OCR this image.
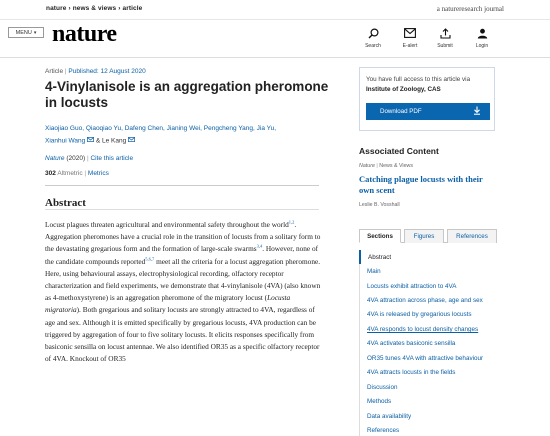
nature › news & views › article	a natureresearch journal
MENU ▾ nature	Search	E-alert	Submit	Login
Article | Published: 12 August 2020
4-Vinylanisole is an aggregation pheromone in locusts
Xiaojiao Guo, Qiaoqiao Yu, Dafeng Chen, Jianing Wei, Pengcheng Yang, Jia Yu,
Xianhui Wang & Le Kang
Nature (2020) | Cite this article
302 Altmetric | Metrics
Abstract

Locust plagues threaten agricultural and environmental safety throughout the world$^{1,2}$. Aggregation pheromones have a crucial role in the transition of locusts from a solitary form to the devastating gregarious form and the formation of large-scale swarms$^{3,4}$. However, none of the candidate compounds reported$^{5,6,7}$ meet all the criteria for a locust aggregation pheromone. Here, using behavioural assays, electrophysiological recording, olfactory receptor characterization and field experiments, we demonstrate that 4-vinylanisole (4VA) (also known as 4-methoxystyrene) is an aggregation pheromone of the migratory locust (Locusta migratoria). Both gregarious and solitary locusts are strongly attracted to 4VA, regardless of age and sex. Although it is emitted specifically by gregarious locusts, 4VA production can be triggered by aggregation of four to five solitary locusts. It elicits responses specifically from basiconic sensilla on locust antennae. We also identified OR35 as a specific olfactory receptor of 4VA. Knockout of OR35

You have full access to this article via
Institute of Zoology, CAS
Download PDF
Associated Content
Nature | News & Views
Catching plague locusts with their own scent
Leslie B. Vosshall
Sections	Figures	References
Abstract
Main
Locusts exhibit attraction to 4VA
4VA attraction across phase, age and sex
4VA is released by gregarious locusts
4VA responds to locust density changes
4VA activates basiconic sensilla
OR35 tunes 4VA with attractive behaviour
4VA attracts locusts in the fields
Discussion
Methods
Data availability
References
